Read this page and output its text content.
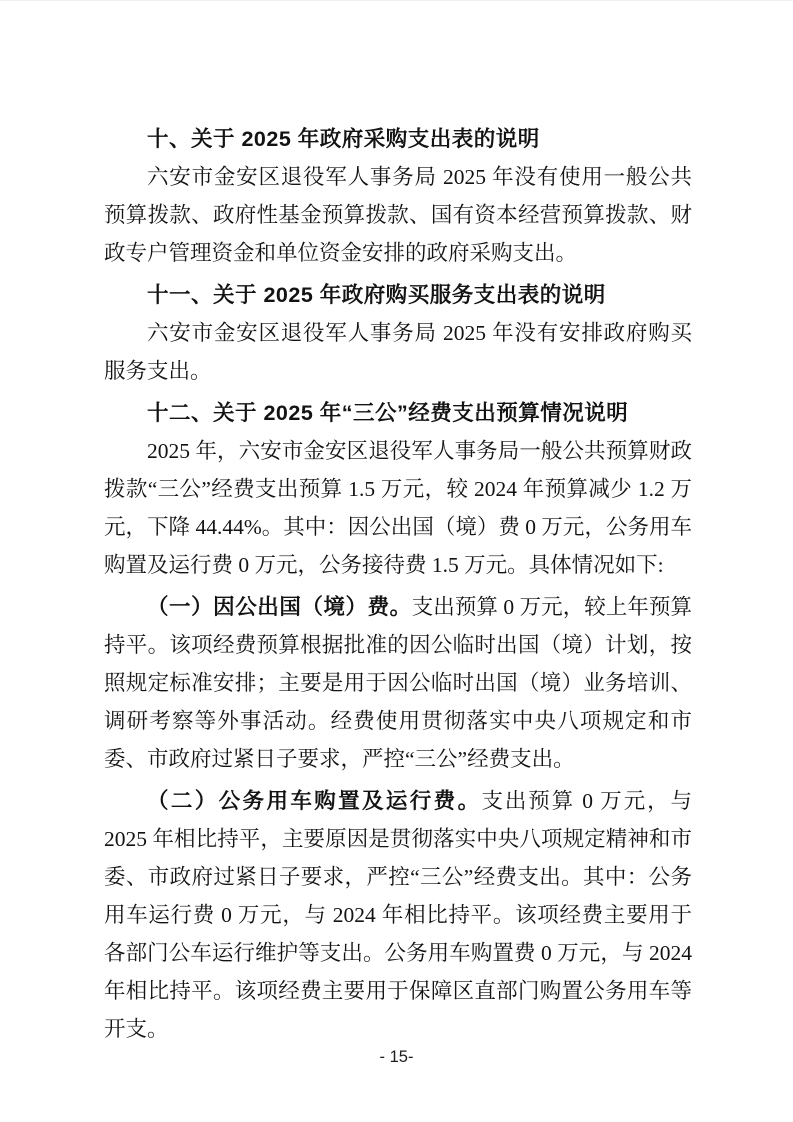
十、关于 2025 年政府采购支出表的说明

六安市金安区退役军人事务局 2025 年没有使用一般公共预算拨款、政府性基金预算拨款、国有资本经营预算拨款、财政专户管理资金和单位资金安排的政府采购支出。

十一、关于 2025 年政府购买服务支出表的说明

六安市金安区退役军人事务局 2025 年没有安排政府购买服务支出。

十二、关于 2025 年“三公”经费支出预算情况说明

2025 年，六安市金安区退役军人事务局一般公共预算财政拨款“三公”经费支出预算 1.5 万元，较 2024 年预算减少 1.2 万元，下降 44.44%。其中：因公出国（境）费 0 万元，公务用车购置及运行费 0 万元，公务接待费 1.5 万元。具体情况如下:

（一）因公出国（境）费。支出预算 0 万元，较上年预算持平。该项经费预算根据批准的因公临时出国（境）计划，按照规定标准安排；主要是用于因公临时出国（境）业务培训、调研考察等外事活动。经费使用贯彻落实中央八项规定和市委、市政府过紧日子要求，严控“三公”经费支出。

（二）公务用车购置及运行费。支出预算 0 万元，与 2025 年相比持平，主要原因是贯彻落实中央八项规定精神和市委、市政府过紧日子要求，严控“三公”经费支出。其中：公务用车运行费 0 万元，与 2024 年相比持平。该项经费主要用于各部门公车运行维护等支出。公务用车购置费 0 万元，与 2024 年相比持平。该项经费主要用于保障区直部门购置公务用车等开支。

- 15-
